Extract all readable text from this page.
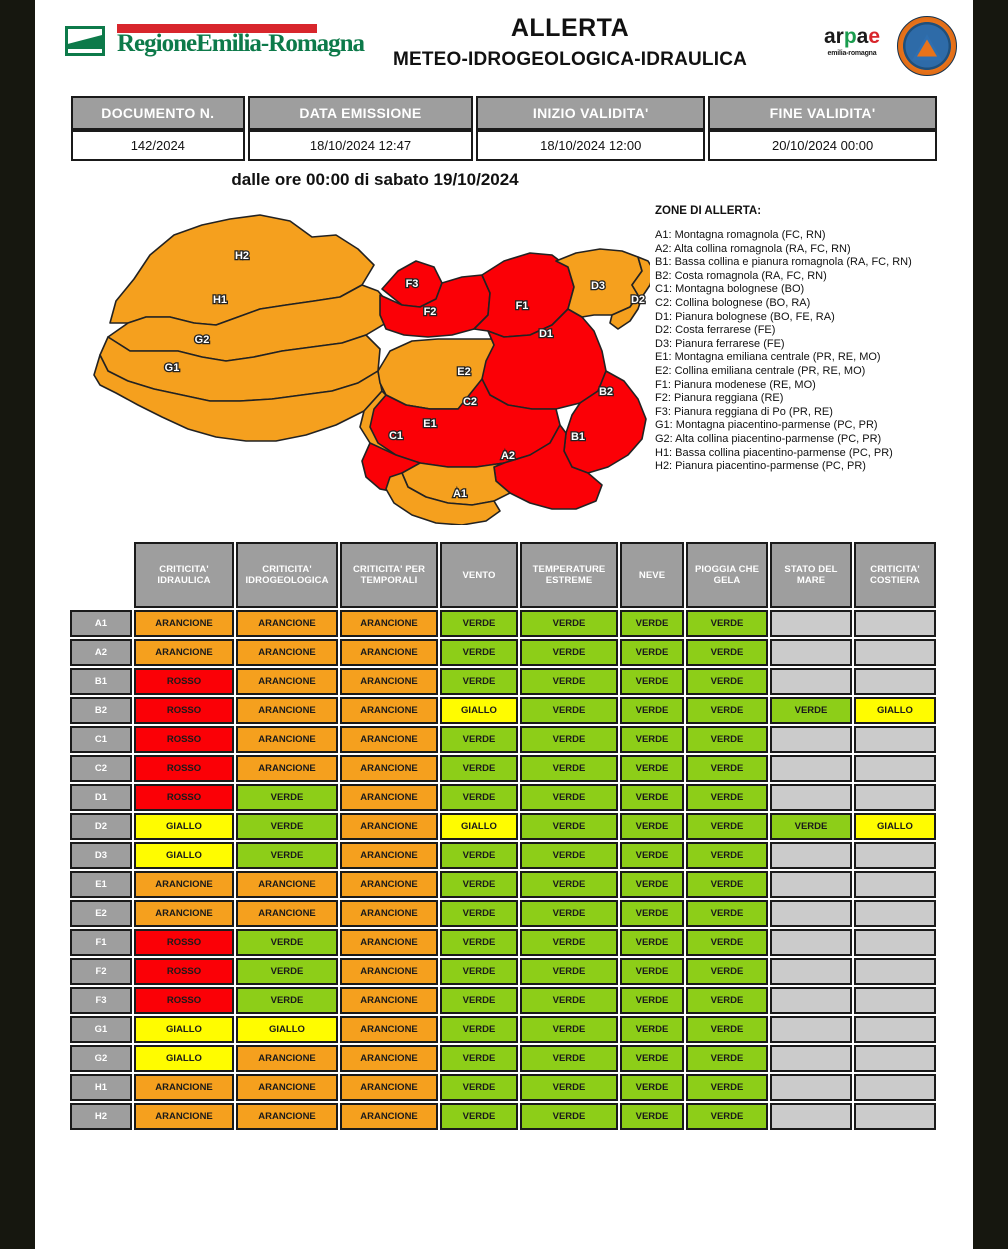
RegioneEmilia-Romagna
ALLERTA
METEO-IDROGEOLOGICA-IDRAULICA
arpae
emilia-romagna
DOCUMENTO N.	DATA EMISSIONE	INIZIO VALIDITA'	FINE VALIDITA'
142/2024	18/10/2024 12:47	18/10/2024 12:00	20/10/2024 00:00
dalle ore 00:00 di sabato 19/10/2024
H2
H1
G2
G1
F3
F2	F1
E2
E1
D3
D2
D1
C2
C1
B2
B1
A2
A1
ZONE DI ALLERTA:
A1: Montagna romagnola (FC, RN)
A2: Alta collina romagnola (RA, FC, RN)
B1: Bassa collina e pianura romagnola (RA, FC, RN)
B2: Costa romagnola (RA, FC, RN)
C1: Montagna bolognese (BO)
C2: Collina bolognese (BO, RA)
D1: Pianura bolognese (BO, FE, RA)
D2: Costa ferrarese (FE)
D3: Pianura ferrarese (FE)
E1: Montagna emiliana centrale (PR, RE, MO)
E2: Collina emiliana centrale (PR, RE, MO)
F1: Pianura modenese (RE, MO)
F2: Pianura reggiana (RE)
F3: Pianura reggiana di Po (PR, RE)
G1: Montagna piacentino-parmense (PC, PR)
G2: Alta collina piacentino-parmense (PC, PR)
H1: Bassa collina piacentino-parmense (PC, PR)
H2: Pianura piacentino-parmense (PC, PR)
	CRITICITA' IDRAULICA	CRITICITA' IDROGEOLOGICA	CRITICITA' PER TEMPORALI	VENTO	TEMPERATURE ESTREME	NEVE	PIOGGIA CHE GELA	STATO DEL MARE	CRITICITA' COSTIERA
A1	ARANCIONE	ARANCIONE	ARANCIONE	VERDE	VERDE	VERDE	VERDE		
A2	ARANCIONE	ARANCIONE	ARANCIONE	VERDE	VERDE	VERDE	VERDE		
B1	ROSSO	ARANCIONE	ARANCIONE	VERDE	VERDE	VERDE	VERDE		
B2	ROSSO	ARANCIONE	ARANCIONE	GIALLO	VERDE	VERDE	VERDE	VERDE	GIALLO
C1	ROSSO	ARANCIONE	ARANCIONE	VERDE	VERDE	VERDE	VERDE		
C2	ROSSO	ARANCIONE	ARANCIONE	VERDE	VERDE	VERDE	VERDE		
D1	ROSSO	VERDE	ARANCIONE	VERDE	VERDE	VERDE	VERDE		
D2	GIALLO	VERDE	ARANCIONE	GIALLO	VERDE	VERDE	VERDE	VERDE	GIALLO
D3	GIALLO	VERDE	ARANCIONE	VERDE	VERDE	VERDE	VERDE		
E1	ARANCIONE	ARANCIONE	ARANCIONE	VERDE	VERDE	VERDE	VERDE		
E2	ARANCIONE	ARANCIONE	ARANCIONE	VERDE	VERDE	VERDE	VERDE		
F1	ROSSO	VERDE	ARANCIONE	VERDE	VERDE	VERDE	VERDE		
F2	ROSSO	VERDE	ARANCIONE	VERDE	VERDE	VERDE	VERDE		
F3	ROSSO	VERDE	ARANCIONE	VERDE	VERDE	VERDE	VERDE		
G1	GIALLO	GIALLO	ARANCIONE	VERDE	VERDE	VERDE	VERDE		
G2	GIALLO	ARANCIONE	ARANCIONE	VERDE	VERDE	VERDE	VERDE		
H1	ARANCIONE	ARANCIONE	ARANCIONE	VERDE	VERDE	VERDE	VERDE		
H2	ARANCIONE	ARANCIONE	ARANCIONE	VERDE	VERDE	VERDE	VERDE		
